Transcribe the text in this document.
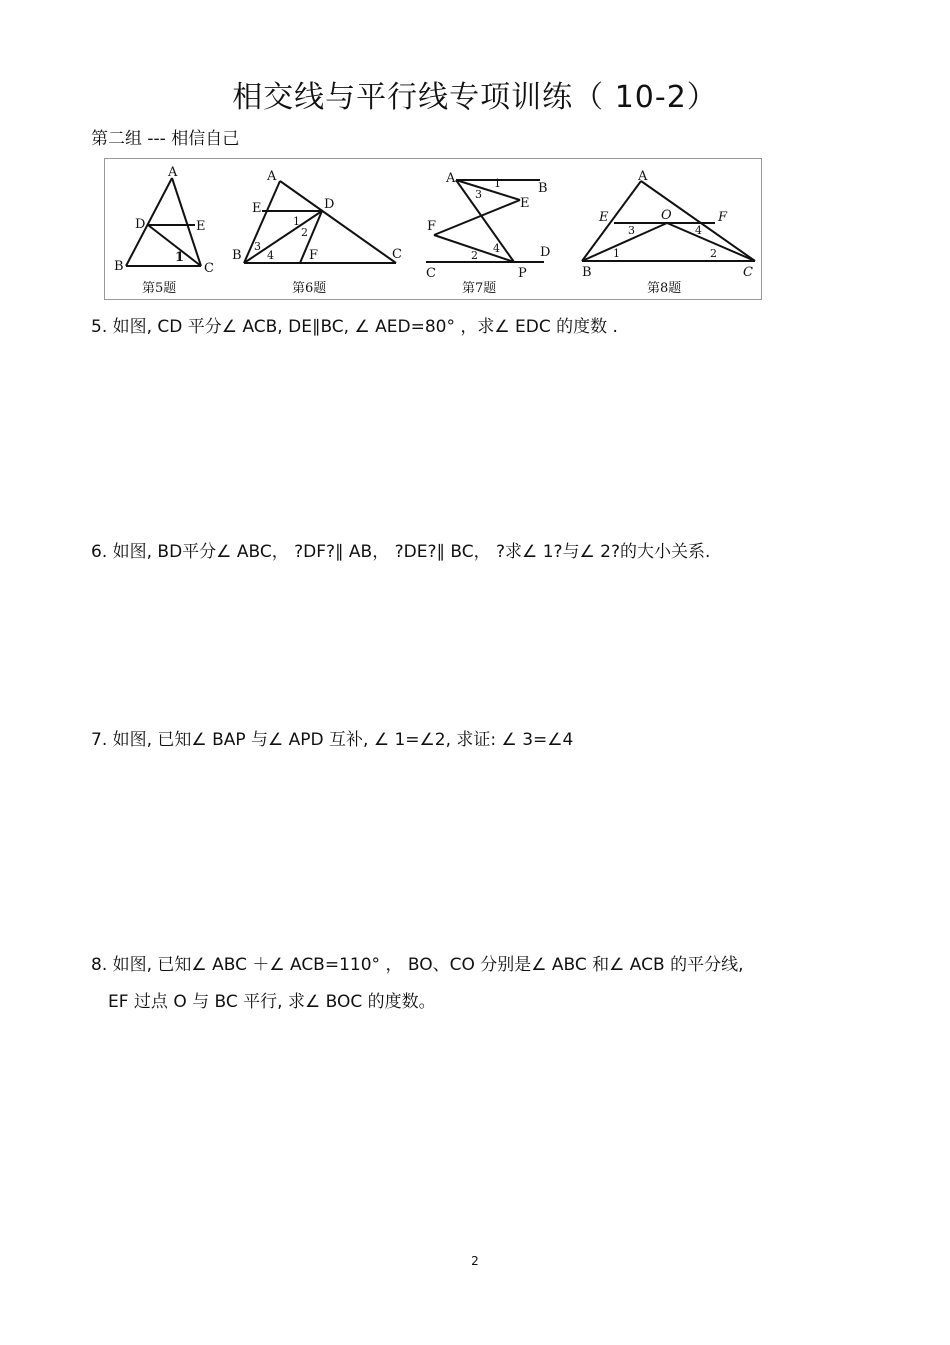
相交线与平行线专项训练（ 10-2）
第二组 --- 相信自己
A
D	E
B	C
1
第5题
A
E	D
B	F	C
1
2
3
4
第6题
A
B
E
F
C	P
D
1
3
2
4
第7题
A
E	O	F
B	C
3	4
1	2
第8题
5. 如图, CD 平分∠ ACB, DE∥BC, ∠ AED=80° ，求∠ EDC 的度数 .
6. 如图, BD平分∠ ABC， ?DF?∥ AB， ?DE?∥ BC， ?求∠ 1?与∠ 2?的大小关系.
7. 如图, 已知∠ BAP 与∠ APD 互补, ∠ 1=∠2, 求证: ∠ 3=∠4
8. 如图, 已知∠ ABC ＋∠ ACB=110° ， BO、CO 分别是∠ ABC 和∠ ACB 的平分线,
EF 过点 O 与 BC 平行, 求∠ BOC 的度数。
2
